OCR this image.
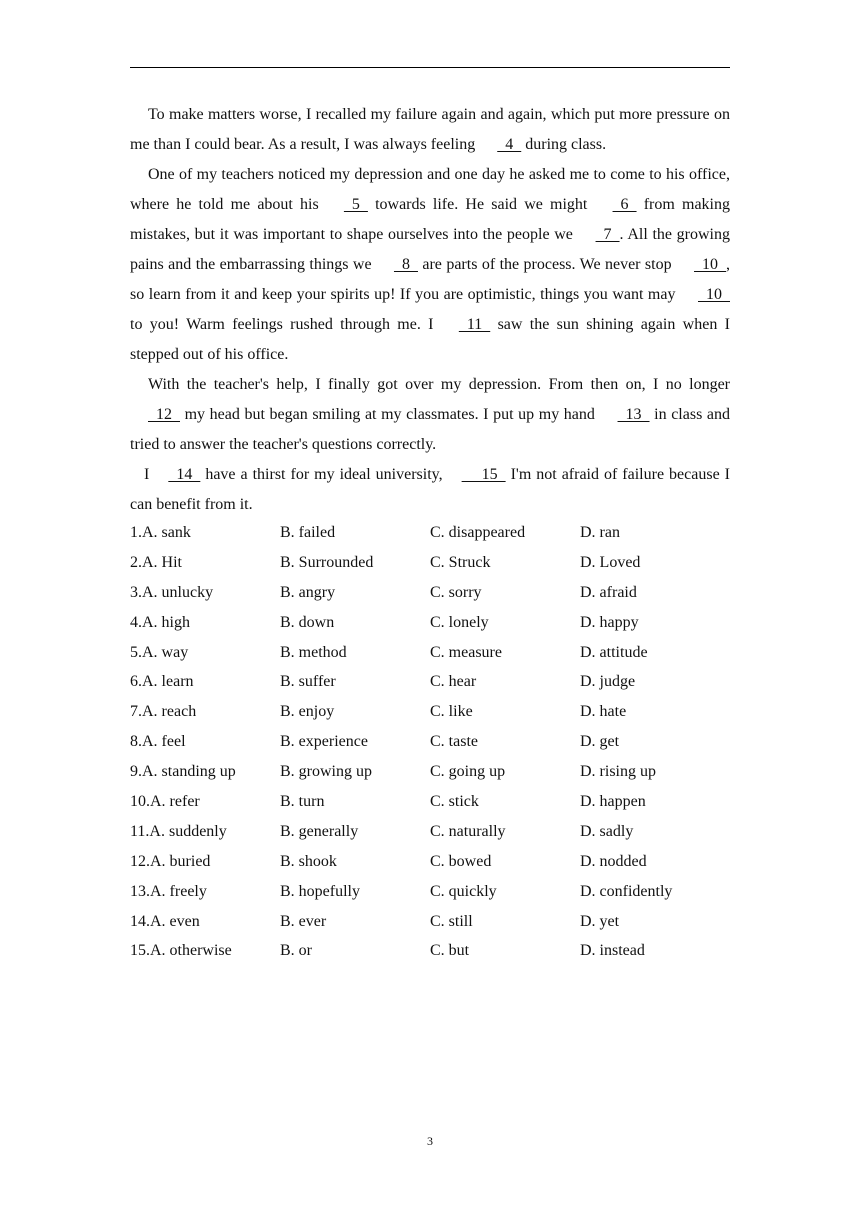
To make matters worse, I recalled my failure again and again, which put more pressure on me than I could bear. As a result, I was always feeling   4   during class.

One of my teachers noticed my depression and one day he asked me to come to his office, where he told me about his   5   towards life. He said we might   6   from making mistakes, but it was important to shape ourselves into the people we   7  . All the growing pains and the embarrassing things we   8   are parts of the process. We never stop   10  , so learn from it and keep your spirits up! If you are optimistic, things you want may   10   to you! Warm feelings rushed through me. I   11   saw the sun shining again when I stepped out of his office.

With the teacher's help, I finally got over my depression. From then on, I no longer   12   my head but began smiling at my classmates. I put up my hand   13   in class and tried to answer the teacher's questions correctly.

I   14   have a thirst for my ideal university,      15   I'm not afraid of failure because I can benefit from it.

1.A. sank	B. failed	C. disappeared	D. ran
2.A. Hit	B. Surrounded	C. Struck	D. Loved
3.A. unlucky	B. angry	C. sorry	D. afraid
4.A. high	B. down	C. lonely	D. happy
5.A. way	B. method	C. measure	D. attitude
6.A. learn	B. suffer	C. hear	D. judge
7.A. reach	B. enjoy	C. like	D. hate
8.A. feel	B. experience	C. taste	D. get
9.A. standing up	B. growing up	C. going up	D. rising up
10.A. refer	B. turn	C. stick	D. happen
11.A. suddenly	B. generally	C. naturally	D. sadly
12.A. buried	B. shook	C. bowed	D. nodded
13.A. freely	B. hopefully	C. quickly	D. confidently
14.A. even	B. ever	C. still	D. yet
15.A. otherwise	B. or	C. but	D. instead
3
